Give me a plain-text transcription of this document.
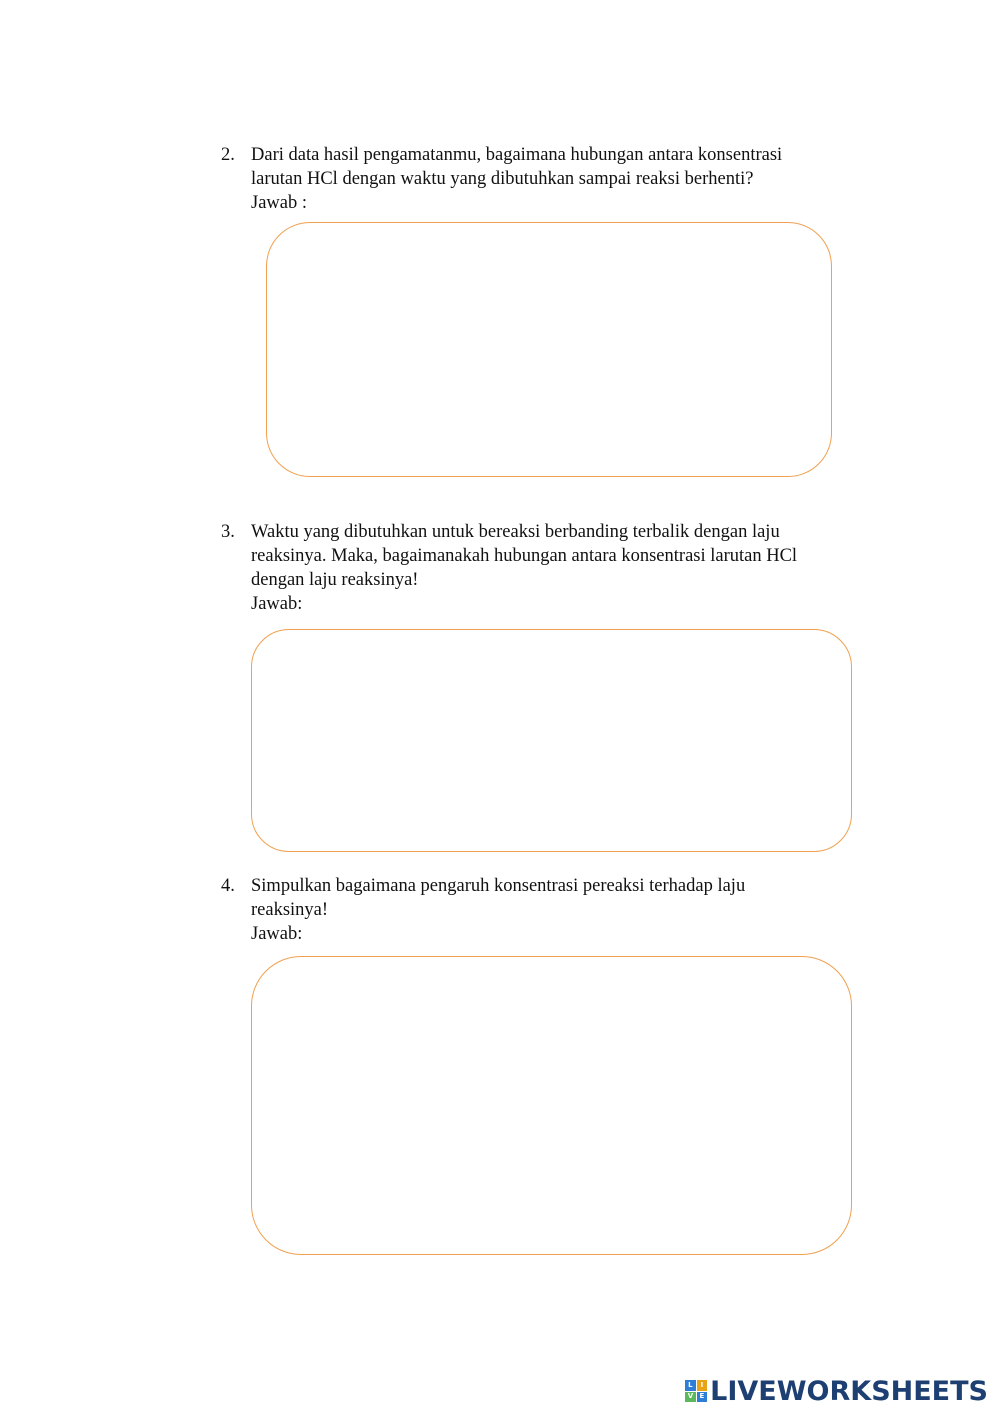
2. Dari data hasil pengamatanmu, bagaimana hubungan antara konsentrasi
larutan HCl dengan waktu yang dibutuhkan sampai reaksi berhenti?
Jawab :
3. Waktu yang dibutuhkan untuk bereaksi berbanding terbalik dengan laju
reaksinya. Maka, bagaimanakah hubungan antara konsentrasi larutan HCl
dengan laju reaksinya!
Jawab:
4. Simpulkan bagaimana pengaruh konsentrasi pereaksi terhadap laju
reaksinya!
Jawab:
L	I
V E LIVEWORKSHEETS
